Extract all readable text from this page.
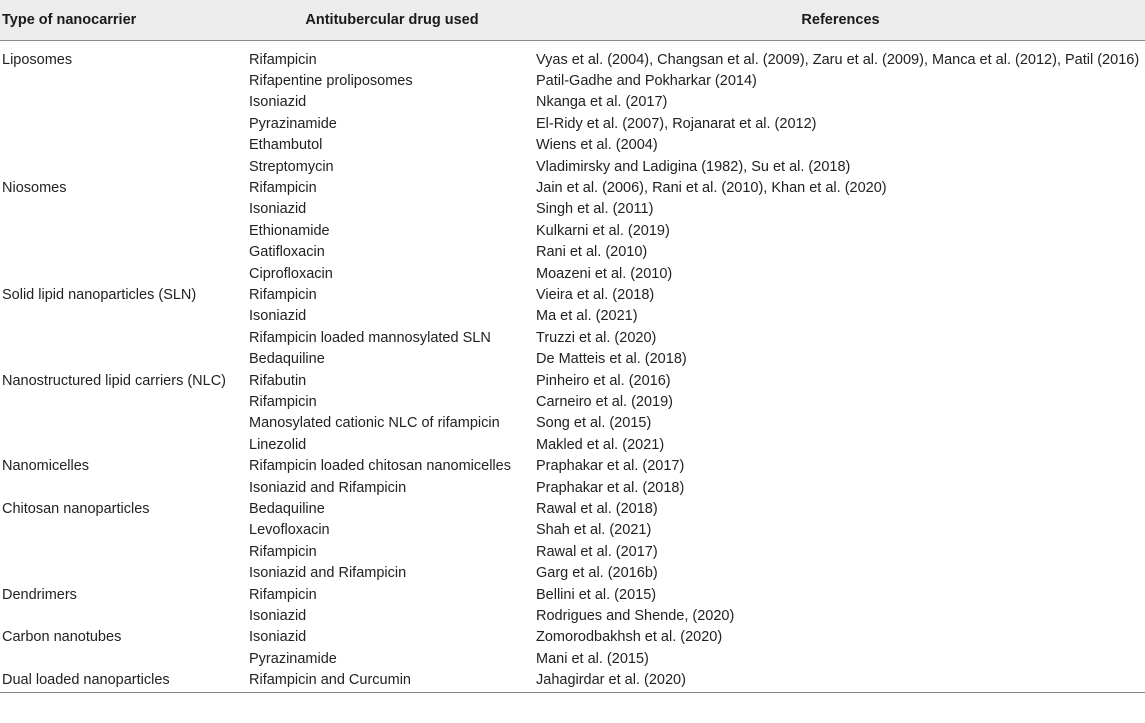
Type of nanocarrier	Antitubercular drug used	References
Liposomes	Rifampicin	Vyas et al. (2004), Changsan et al. (2009), Zaru et al. (2009), Manca et al. (2012), Patil (2016)
	Rifapentine proliposomes	Patil-Gadhe and Pokharkar (2014)
	Isoniazid	Nkanga et al. (2017)
	Pyrazinamide	El-Ridy et al. (2007), Rojanarat et al. (2012)
	Ethambutol	Wiens et al. (2004)
	Streptomycin	Vladimirsky and Ladigina (1982), Su et al. (2018)
Niosomes	Rifampicin	Jain et al. (2006), Rani et al. (2010), Khan et al. (2020)
	Isoniazid	Singh et al. (2011)
	Ethionamide	Kulkarni et al. (2019)
	Gatifloxacin	Rani et al. (2010)
	Ciprofloxacin	Moazeni et al. (2010)
Solid lipid nanoparticles (SLN)	Rifampicin	Vieira et al. (2018)
	Isoniazid	Ma et al. (2021)
	Rifampicin loaded mannosylated SLN	Truzzi et al. (2020)
	Bedaquiline	De Matteis et al. (2018)
Nanostructured lipid carriers (NLC)	Rifabutin	Pinheiro et al. (2016)
	Rifampicin	Carneiro et al. (2019)
	Manosylated cationic NLC of rifampicin	Song et al. (2015)
	Linezolid	Makled et al. (2021)
Nanomicelles	Rifampicin loaded chitosan nanomicelles	Praphakar et al. (2017)
	Isoniazid and Rifampicin	Praphakar et al. (2018)
Chitosan nanoparticles	Bedaquiline	Rawal et al. (2018)
	Levofloxacin	Shah et al. (2021)
	Rifampicin	Rawal et al. (2017)
	Isoniazid and Rifampicin	Garg et al. (2016b)
Dendrimers	Rifampicin	Bellini et al. (2015)
	Isoniazid	Rodrigues and Shende, (2020)
Carbon nanotubes	Isoniazid	Zomorodbakhsh et al. (2020)
	Pyrazinamide	Mani et al. (2015)
Dual loaded nanoparticles	Rifampicin and Curcumin	Jahagirdar et al. (2020)
